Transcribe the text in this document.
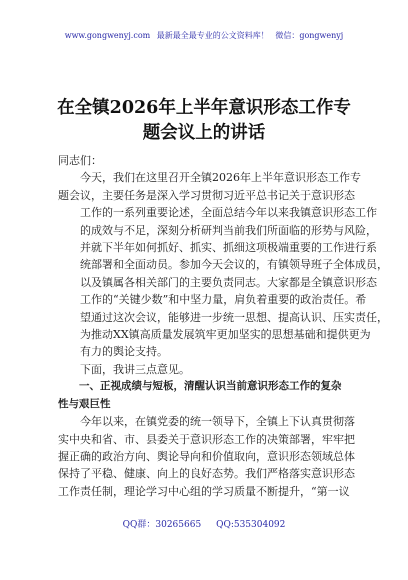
www.gongwenyj.com 最新最全最专业的公文资料库！ 微信：gongwenyj
在全镇2026年上半年意识形态工作专题会议上的讲话

同志们：

今天，我们在这里召开全镇2026年上半年意识形态工作专
题会议，主要任务是深入学习贯彻习近平总书记关于意识形态
工作的一系列重要论述，全面总结今年以来我镇意识形态工作
的成效与不足，深刻分析研判当前我们所面临的形势与风险，
并就下半年如何抓好、抓实、抓细这项极端重要的工作进行系
统部署和全面动员。参加今天会议的，有镇领导班子全体成员，
以及镇属各相关部门的主要负责同志。大家都是全镇意识形态
工作的“关键少数”和中坚力量，肩负着重要的政治责任。希
望通过这次会议，能够进一步统一思想、提高认识、压实责任，
为推动XX镇高质量发展筑牢更加坚实的思想基础和提供更为
有力的舆论支持。

下面，我讲三点意见。

一、正视成绩与短板，清醒认识当前意识形态工作的复杂
性与艰巨性

今年以来，在镇党委的统一领导下，全镇上下认真贯彻落
实中央和省、市、县委关于意识形态工作的决策部署，牢牢把
握正确的政治方向、舆论导向和价值取向，意识形态领域总体
保持了平稳、健康、向上的良好态势。我们严格落实意识形态
工作责任制，理论学习中心组的学习质量不断提升，“第一议

QQ群：30265665 QQ:535304092
